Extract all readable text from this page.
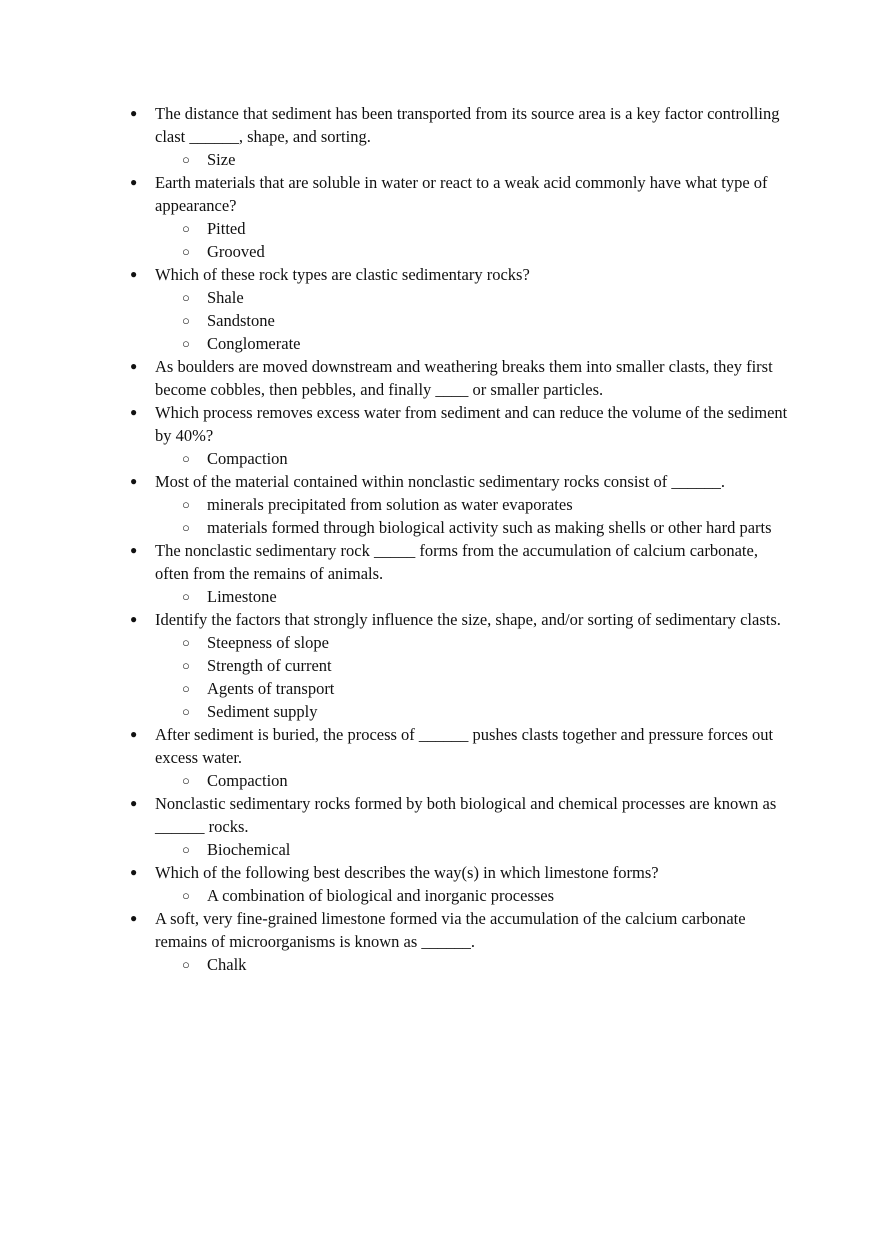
● The distance that sediment has been transported from its source area is a key factor controlling clast ______, shape, and sorting.
○ Size
● Earth materials that are soluble in water or react to a weak acid commonly have what type of appearance?
○ Pitted
○ Grooved
● Which of these rock types are clastic sedimentary rocks?
○ Shale
○ Sandstone
○ Conglomerate
● As boulders are moved downstream and weathering breaks them into smaller clasts, they first become cobbles, then pebbles, and finally ____ or smaller particles.
● Which process removes excess water from sediment and can reduce the volume of the sediment by 40%?
○ Compaction
● Most of the material contained within nonclastic sedimentary rocks consist of ______.
○ minerals precipitated from solution as water evaporates
○ materials formed through biological activity such as making shells or other hard parts
● The nonclastic sedimentary rock _____ forms from the accumulation of calcium carbonate, often from the remains of animals.
○ Limestone
● Identify the factors that strongly influence the size, shape, and/or sorting of sedimentary clasts.
○ Steepness of slope
○ Strength of current
○ Agents of transport
○ Sediment supply
● After sediment is buried, the process of ______ pushes clasts together and pressure forces out excess water.
○ Compaction
● Nonclastic sedimentary rocks formed by both biological and chemical processes are known as ______ rocks.
○ Biochemical
● Which of the following best describes the way(s) in which limestone forms?
○ A combination of biological and inorganic processes
● A soft, very fine-grained limestone formed via the accumulation of the calcium carbonate remains of microorganisms is known as ______.
○ Chalk
